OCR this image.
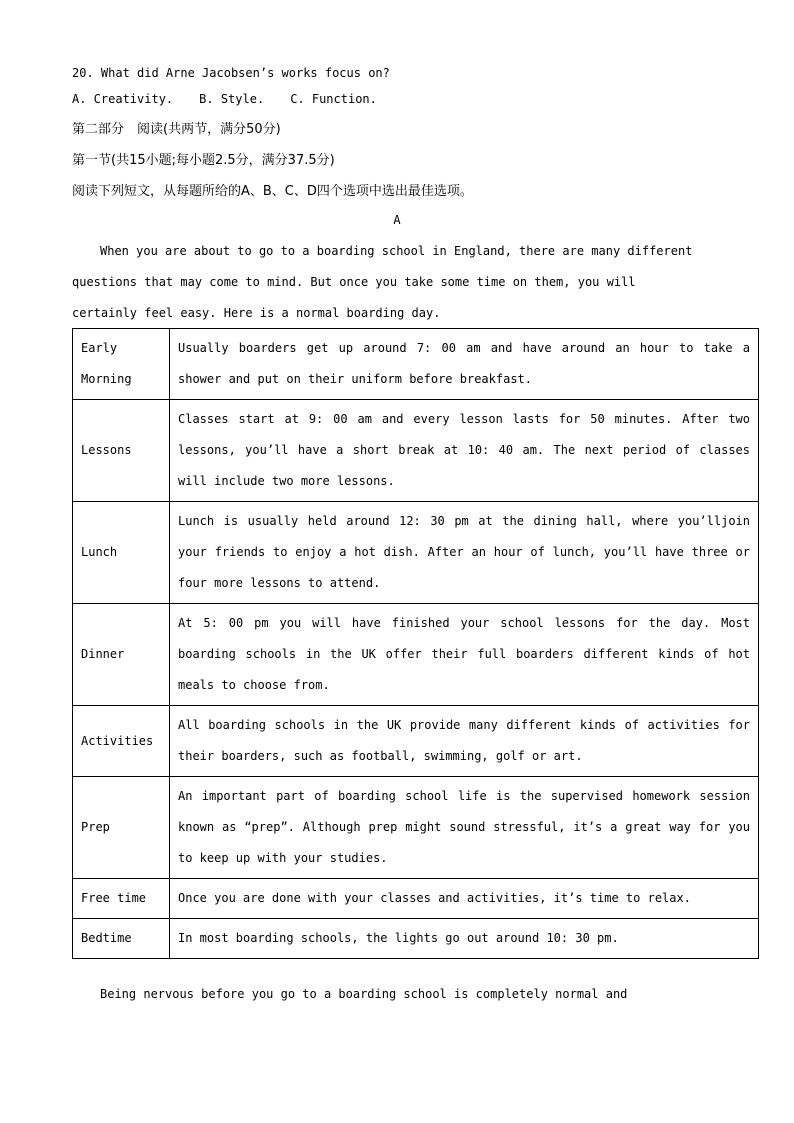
20. What did Arne Jacobsen’s works focus on?
A. Creativity. B. Style. C. Function.
第二部分　阅读(共两节，满分50分)
第一节(共15小题;每小题2.5分，满分37.5分)
阅读下列短文，从每题所给的A、B、C、D四个选项中选出最佳选项。
A

When you are about to go to a boarding school in England, there are many different questions that may come to mind. But once you take some time on them, you will certainly feel easy. Here is a normal boarding day.

Early Morning	Usually boarders get up around 7: 00 am and have around an hour to take a shower and put on their uniform before breakfast.
Lessons	Classes start at 9: 00 am and every lesson lasts for 50 minutes. After two lessons, you’ll have a short break at 10: 40 am. The next period of classes will include two more lessons.
Lunch	Lunch is usually held around 12: 30 pm at the dining hall, where you’lljoin your friends to enjoy a hot dish. After an hour of lunch, you’ll have three or four more lessons to attend.
Dinner	At 5: 00 pm you will have finished your school lessons for the day. Most boarding schools in the UK offer their full boarders different kinds of hot meals to choose from.
Activities	All boarding schools in the UK provide many different kinds of activities for their boarders, such as football, swimming, golf or art.
Prep	An important part of boarding school life is the supervised homework session known as “prep”. Although prep might sound stressful, it’s a great way for you to keep up with your studies.
Free time	Once you are done with your classes and activities, it’s time to relax.
Bedtime	In most boarding schools, the lights go out around 10: 30 pm.
Being nervous before you go to a boarding school is completely normal and
